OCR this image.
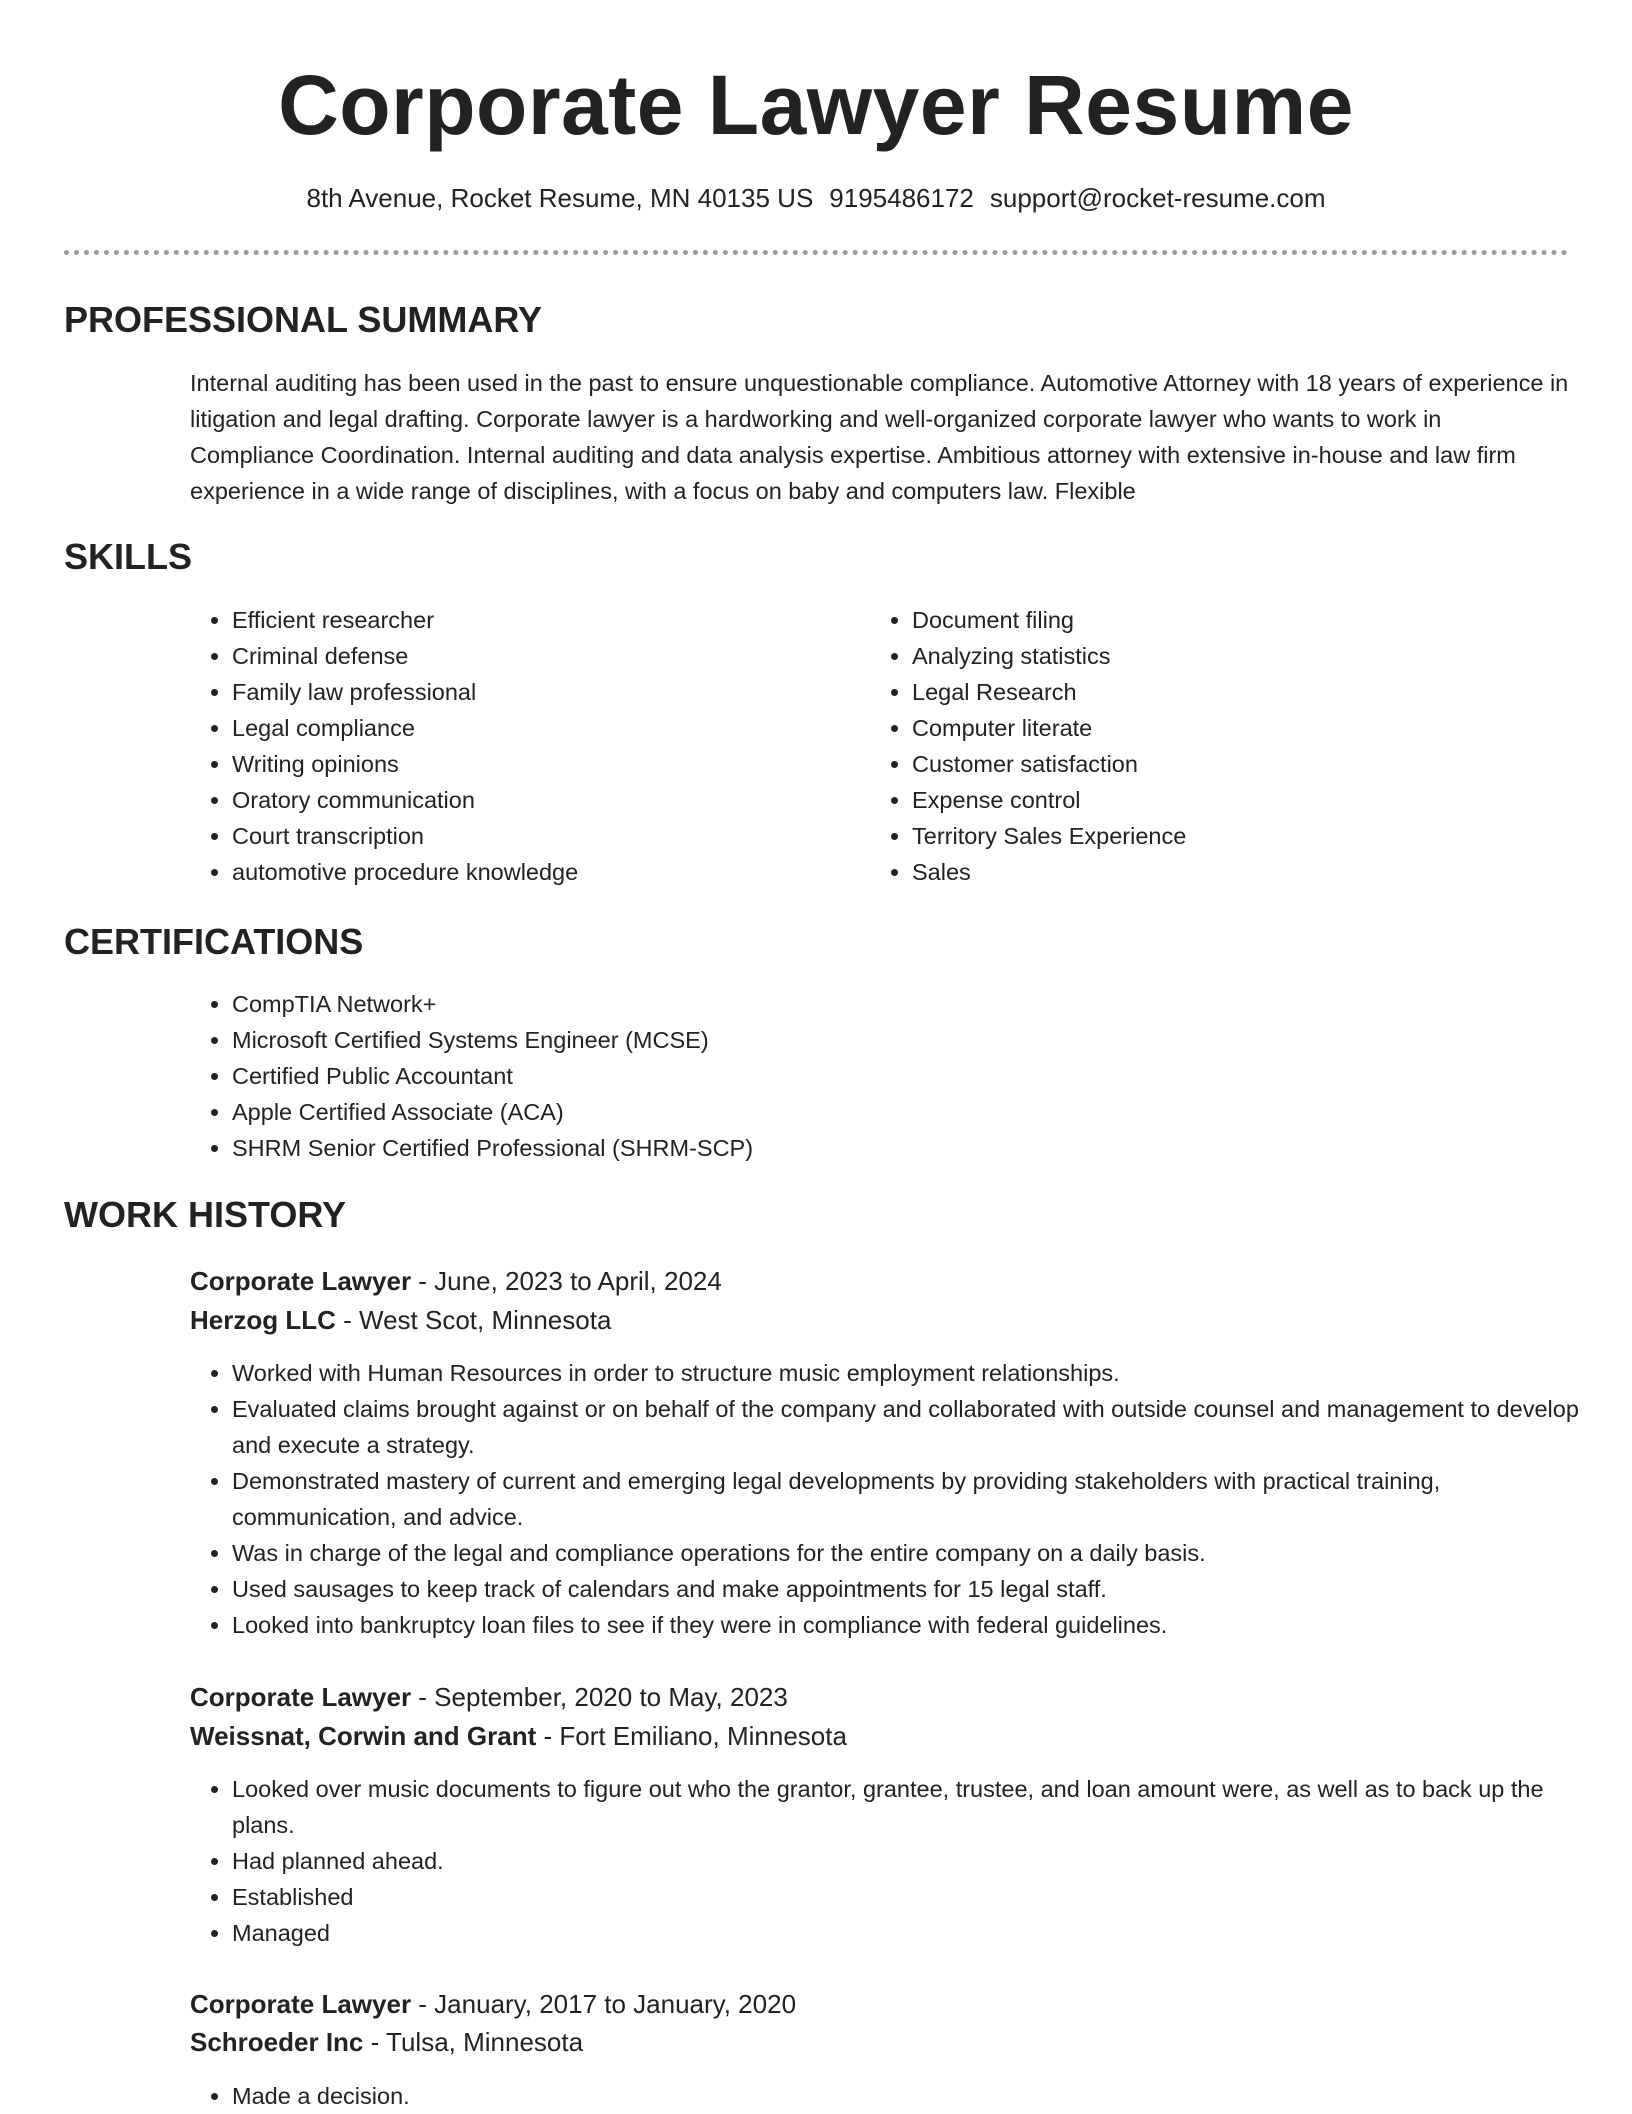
Corporate Lawyer Resume
8th Avenue, Rocket Resume, MN 40135 US 9195486172 support@rocket-resume.com
PROFESSIONAL SUMMARY

Internal auditing has been used in the past to ensure unquestionable compliance. Automotive Attorney with 18 years of experience in litigation and legal drafting. Corporate lawyer is a hardworking and well-organized corporate lawyer who wants to work in Compliance Coordination. Internal auditing and data analysis expertise. Ambitious attorney with extensive in-house and law firm experience in a wide range of disciplines, with a focus on baby and computers law. Flexible

SKILLS
• Efficient researcher
• Criminal defense
• Family law professional
• Legal compliance
• Writing opinions
• Oratory communication
• Court transcription
• automotive procedure knowledge
• Document filing
• Analyzing statistics
• Legal Research
• Computer literate
• Customer satisfaction
• Expense control
• Territory Sales Experience
• Sales
CERTIFICATIONS
• CompTIA Network+
• Microsoft Certified Systems Engineer (MCSE)
• Certified Public Accountant
• Apple Certified Associate (ACA)
• SHRM Senior Certified Professional (SHRM-SCP)
WORK HISTORY
Corporate Lawyer - June, 2023 to April, 2024
Herzog LLC - West Scot, Minnesota
• Worked with Human Resources in order to structure music employment relationships.
• Evaluated claims brought against or on behalf of the company and collaborated with outside counsel and management to develop and execute a strategy.
• Demonstrated mastery of current and emerging legal developments by providing stakeholders with practical training, communication, and advice.
• Was in charge of the legal and compliance operations for the entire company on a daily basis.
• Used sausages to keep track of calendars and make appointments for 15 legal staff.
• Looked into bankruptcy loan files to see if they were in compliance with federal guidelines.
Corporate Lawyer - September, 2020 to May, 2023
Weissnat, Corwin and Grant - Fort Emiliano, Minnesota
• Looked over music documents to figure out who the grantor, grantee, trustee, and loan amount were, as well as to back up the plans.
• Had planned ahead.
• Established
• Managed
Corporate Lawyer - January, 2017 to January, 2020
Schroeder Inc - Tulsa, Minnesota
• Made a decision.
